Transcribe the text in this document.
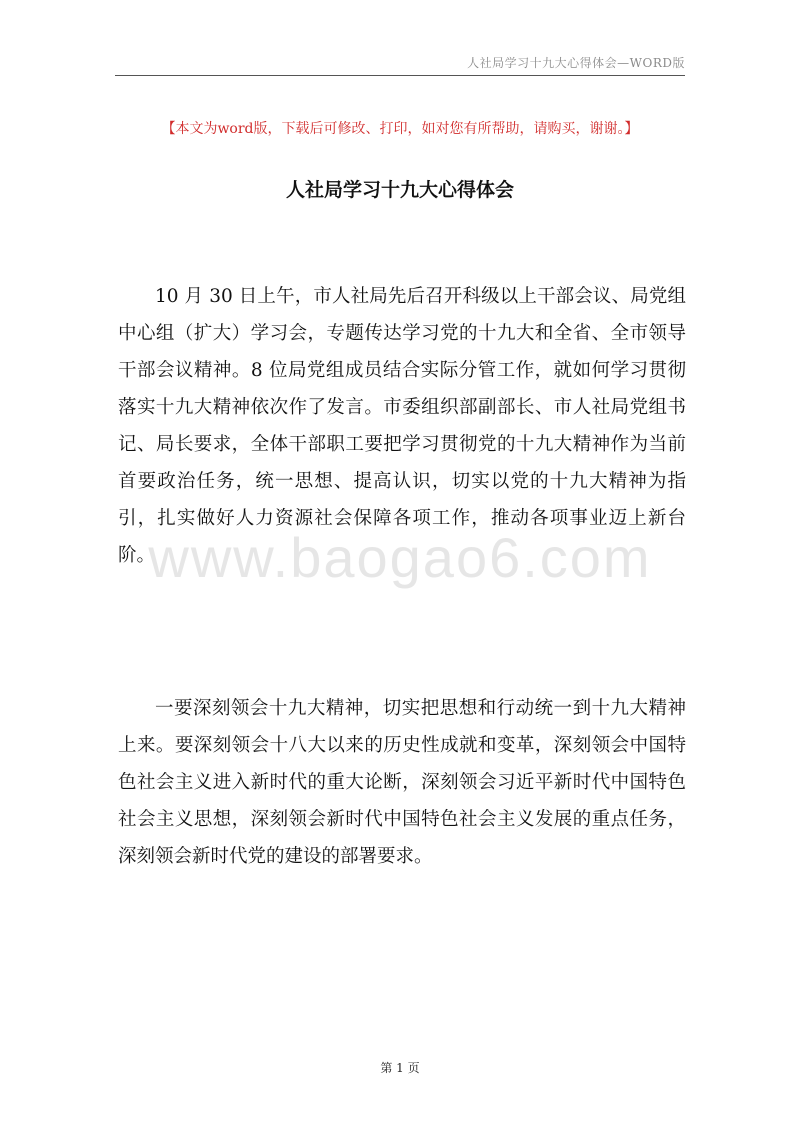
人社局学习十九大心得体会—WORD版
【本文为word版，下载后可修改、打印，如对您有所帮助，请购买，谢谢。】
人社局学习十九大心得体会
www.baogao6.com

10 月 30 日上午，市人社局先后召开科级以上干部会议、局党组中心组（扩大）学习会，专题传达学习党的十九大和全省、全市领导干部会议精神。8 位局党组成员结合实际分管工作，就如何学习贯彻落实十九大精神依次作了发言。市委组织部副部长、市人社局党组书记、局长要求，全体干部职工要把学习贯彻党的十九大精神作为当前首要政治任务，统一思想、提高认识，切实以党的十九大精神为指引，扎实做好人力资源社会保障各项工作，推动各项事业迈上新台阶。

一要深刻领会十九大精神，切实把思想和行动统一到十九大精神上来。要深刻领会十八大以来的历史性成就和变革，深刻领会中国特色社会主义进入新时代的重大论断，深刻领会习近平新时代中国特色社会主义思想，深刻领会新时代中国特色社会主义发展的重点任务，深刻领会新时代党的建设的部署要求。

第 1 页
